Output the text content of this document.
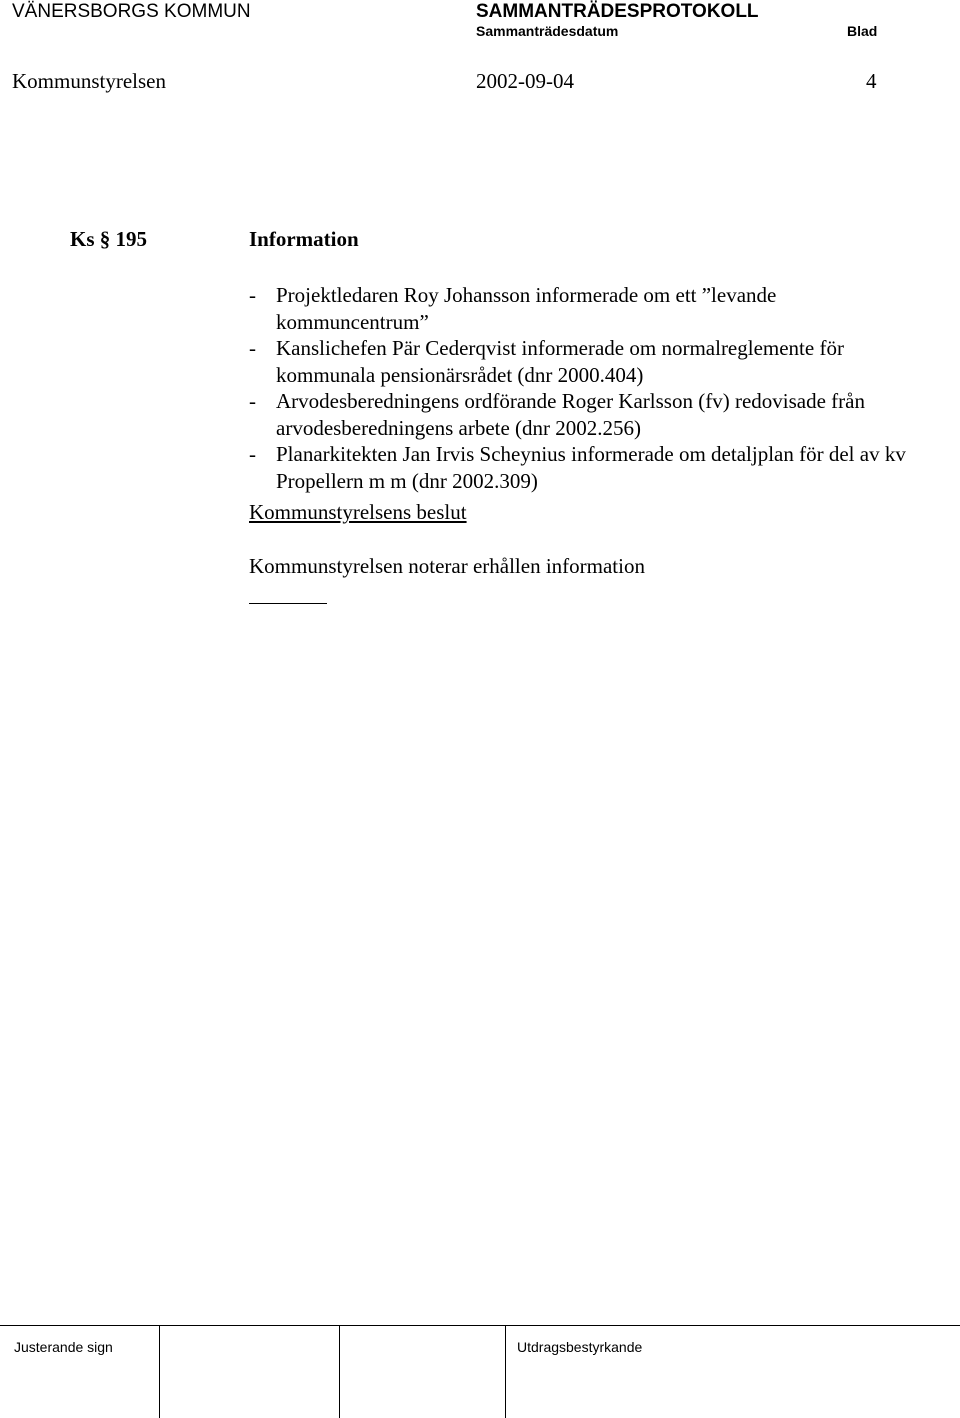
VÄNERSBORGS KOMMUN	SAMMANTRÄDESPROTOKOLL
Sammanträdesdatum	Blad
Kommunstyrelsen	2002-09-04	4
Ks § 195	Information
- Projektledaren Roy Johansson informerade om ett ”levande kommuncentrum”
- Kanslichefen Pär Cederqvist informerade om normalreglemente för kommunala pensionärsrådet (dnr 2000.404)
- Arvodesberedningens ordförande Roger Karlsson (fv) redovisade från arvodesberedningens arbete (dnr 2002.256)
- Planarkitekten Jan Irvis Scheynius informerade om detaljplan för del av kv Propellern m m (dnr 2002.309)
Kommunstyrelsens beslut
Kommunstyrelsen noterar erhållen information
Justerande sign	Utdragsbestyrkande
